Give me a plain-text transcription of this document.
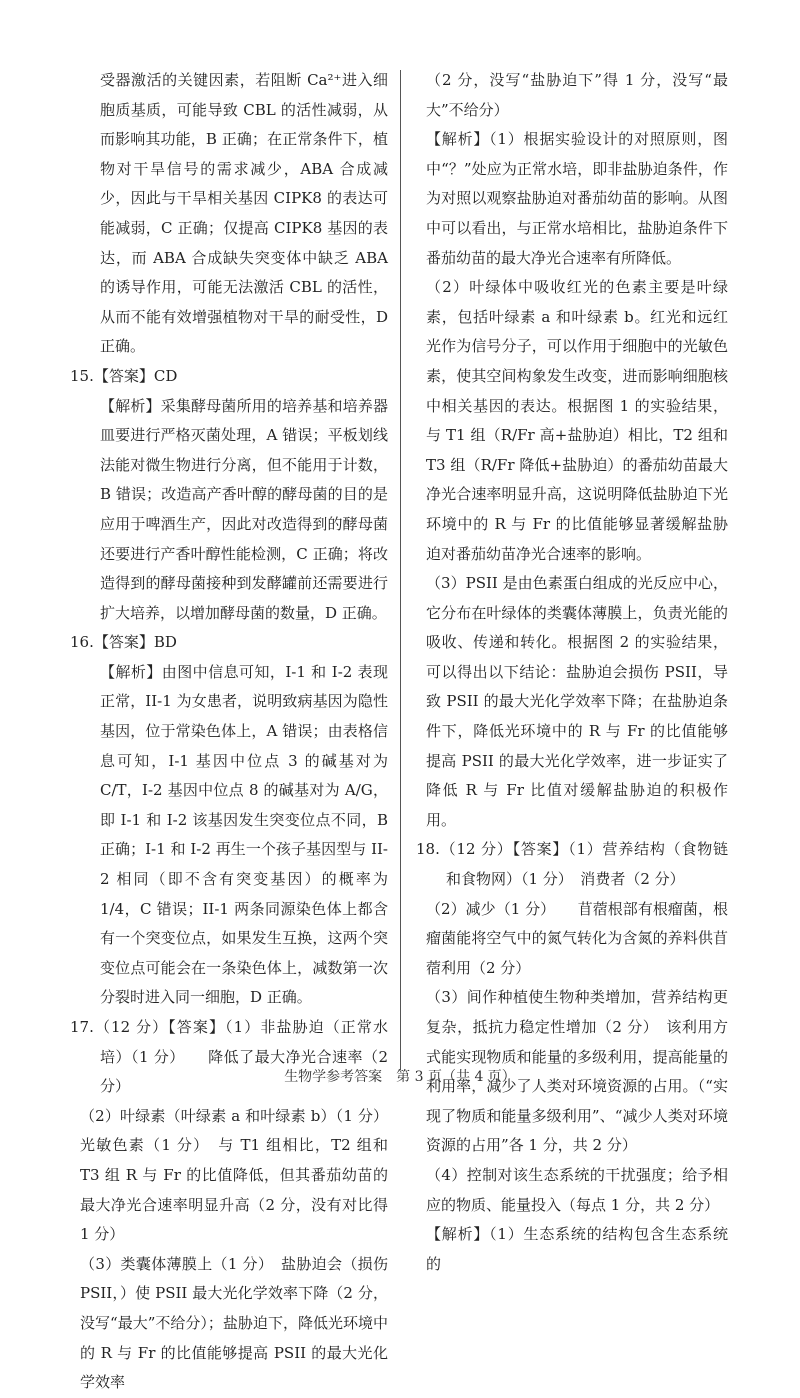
受器激活的关键因素，若阻断 Ca²⁺进入细胞质基质，可能导致 CBL 的活性减弱，从而影响其功能，B 正确；在正常条件下，植物对干旱信号的需求减少，ABA 合成减少，因此与干旱相关基因 CIPK8 的表达可能减弱，C 正确；仅提高 CIPK8 基因的表达，而 ABA 合成缺失突变体中缺乏 ABA 的诱导作用，可能无法激活 CBL 的活性，从而不能有效增强植物对干旱的耐受性，D 正确。

15.【答案】CD

【解析】采集酵母菌所用的培养基和培养器皿要进行严格灭菌处理，A 错误；平板划线法能对微生物进行分离，但不能用于计数，B 错误；改造高产香叶醇的酵母菌的目的是应用于啤酒生产，因此对改造得到的酵母菌还要进行产香叶醇性能检测，C 正确；将改造得到的酵母菌接种到发酵罐前还需要进行扩大培养，以增加酵母菌的数量，D 正确。

16.【答案】BD

【解析】由图中信息可知，I-1 和 I-2 表现正常，II-1 为女患者，说明致病基因为隐性基因，位于常染色体上，A 错误；由表格信息可知，I-1 基因中位点 3 的碱基对为 C/T，I-2 基因中位点 8 的碱基对为 A/G，即 I-1 和 I-2 该基因发生突变位点不同，B 正确；I-1 和 I-2 再生一个孩子基因型与 II-2 相同（即不含有突变基因）的概率为 1/4，C 错误；II-1 两条同源染色体上都含有一个突变位点，如果发生互换，这两个突变位点可能会在一条染色体上，减数第一次分裂时进入同一细胞，D 正确。

17.（12 分）【答案】（1）非盐胁迫（正常水培）（1 分）　　降低了最大净光合速率（2 分）

（2）叶绿素（叶绿素 a 和叶绿素 b）（1 分）光敏色素（1 分）　与 T1 组相比，T2 组和 T3 组 R 与 Fr 的比值降低，但其番茄幼苗的最大净光合速率明显升高（2 分，没有对比得 1 分）

（3）类囊体薄膜上（1 分）　盐胁迫会（损伤 PSII，）使 PSII 最大光化学效率下降（2 分，没写“最大”不给分）；盐胁迫下，降低光环境中的 R 与 Fr 的比值能够提高 PSII 的最大光化学效率

（2 分，没写“盐胁迫下”得 1 分，没写“最大”不给分）

【解析】（1）根据实验设计的对照原则，图中“？”处应为正常水培，即非盐胁迫条件，作为对照以观察盐胁迫对番茄幼苗的影响。从图中可以看出，与正常水培相比，盐胁迫条件下番茄幼苗的最大净光合速率有所降低。

（2）叶绿体中吸收红光的色素主要是叶绿素，包括叶绿素 a 和叶绿素 b。红光和远红光作为信号分子，可以作用于细胞中的光敏色素，使其空间构象发生改变，进而影响细胞核中相关基因的表达。根据图 1 的实验结果，与 T1 组（R/Fr 高+盐胁迫）相比，T2 组和 T3 组（R/Fr 降低+盐胁迫）的番茄幼苗最大净光合速率明显升高，这说明降低盐胁迫下光环境中的 R 与 Fr 的比值能够显著缓解盐胁迫对番茄幼苗净光合速率的影响。

（3）PSII 是由色素蛋白组成的光反应中心，它分布在叶绿体的类囊体薄膜上，负责光能的吸收、传递和转化。根据图 2 的实验结果，可以得出以下结论：盐胁迫会损伤 PSII，导致 PSII 的最大光化学效率下降；在盐胁迫条件下，降低光环境中的 R 与 Fr 的比值能够提高 PSII 的最大光化学效率，进一步证实了降低 R 与 Fr 比值对缓解盐胁迫的积极作用。

18.（12 分）【答案】（1）营养结构（食物链和食物网）（1 分）　消费者（2 分）

（2）减少（1 分）　　苜蓿根部有根瘤菌，根瘤菌能将空气中的氮气转化为含氮的养料供苜蓿利用（2 分）

（3）间作种植使生物种类增加，营养结构更复杂，抵抗力稳定性增加（2 分）　该利用方式能实现物质和能量的多级利用，提高能量的利用率，减少了人类对环境资源的占用。（“实现了物质和能量多级利用”、“减少人类对环境资源的占用”各 1 分，共 2 分）

（4）控制对该生态系统的干扰强度；给予相应的物质、能量投入（每点 1 分，共 2 分）

【解析】（1）生态系统的结构包含生态系统的

生物学参考答案　第 3 页（共 4 页）
